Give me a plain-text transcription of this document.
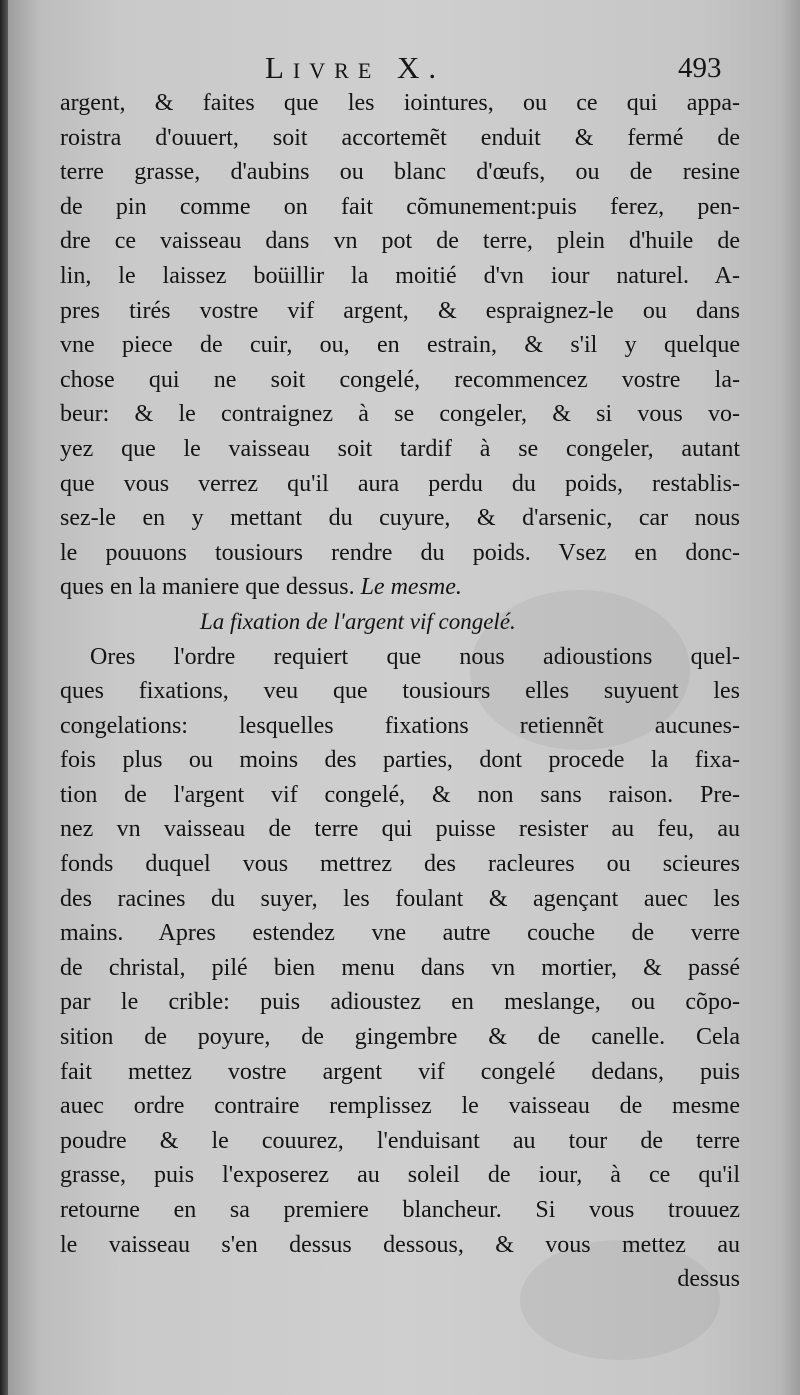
Livre X.	493
argent, & faites que les iointures, ou ce qui appa-
roistra d'ouuert, soit accortemẽt enduit & fermé de
terre grasse, d'aubins ou blanc d'œufs, ou de resine
de pin comme on fait cõmunement:puis ferez, pen-
dre ce vaisseau dans vn pot de terre, plein d'huile de
lin, le laissez boüillir la moitié d'vn iour naturel. A-
pres tirés vostre vif argent, & espraignez-le ou dans
vne piece de cuir, ou, en estrain, & s'il y quelque
chose qui ne soit congelé, recommencez vostre la-
beur: & le contraignez à se congeler, & si vous vo-
yez que le vaisseau soit tardif à se congeler, autant
que vous verrez qu'il aura perdu du poids, restablis-
sez-le en y mettant du cuyure, & d'arsenic, car nous
le pouuons tousiours rendre du poids. Vsez en donc-
ques en la maniere que dessus. Le mesme.
La fixation de l'argent vif congelé.
Ores l'ordre requiert que nous adioustions quel-
ques fixations, veu que tousiours elles suyuent les
congelations: lesquelles fixations retiennẽt aucunes-
fois plus ou moins des parties, dont procede la fixa-
tion de l'argent vif congelé, & non sans raison. Pre-
nez vn vaisseau de terre qui puisse resister au feu, au
fonds duquel vous mettrez des racleures ou scieures
des racines du suyer, les foulant & agençant auec les
mains. Apres estendez vne autre couche de verre
de christal, pilé bien menu dans vn mortier, & passé
par le crible: puis adioustez en meslange, ou cõpo-
sition de poyure, de gingembre & de canelle. Cela
fait mettez vostre argent vif congelé dedans, puis
auec ordre contraire remplissez le vaisseau de mesme
poudre & le couurez, l'enduisant au tour de terre
grasse, puis l'exposerez au soleil de iour, à ce qu'il
retourne en sa premiere blancheur. Si vous trouuez
le vaisseau s'en dessus dessous, & vous mettez au
dessus
